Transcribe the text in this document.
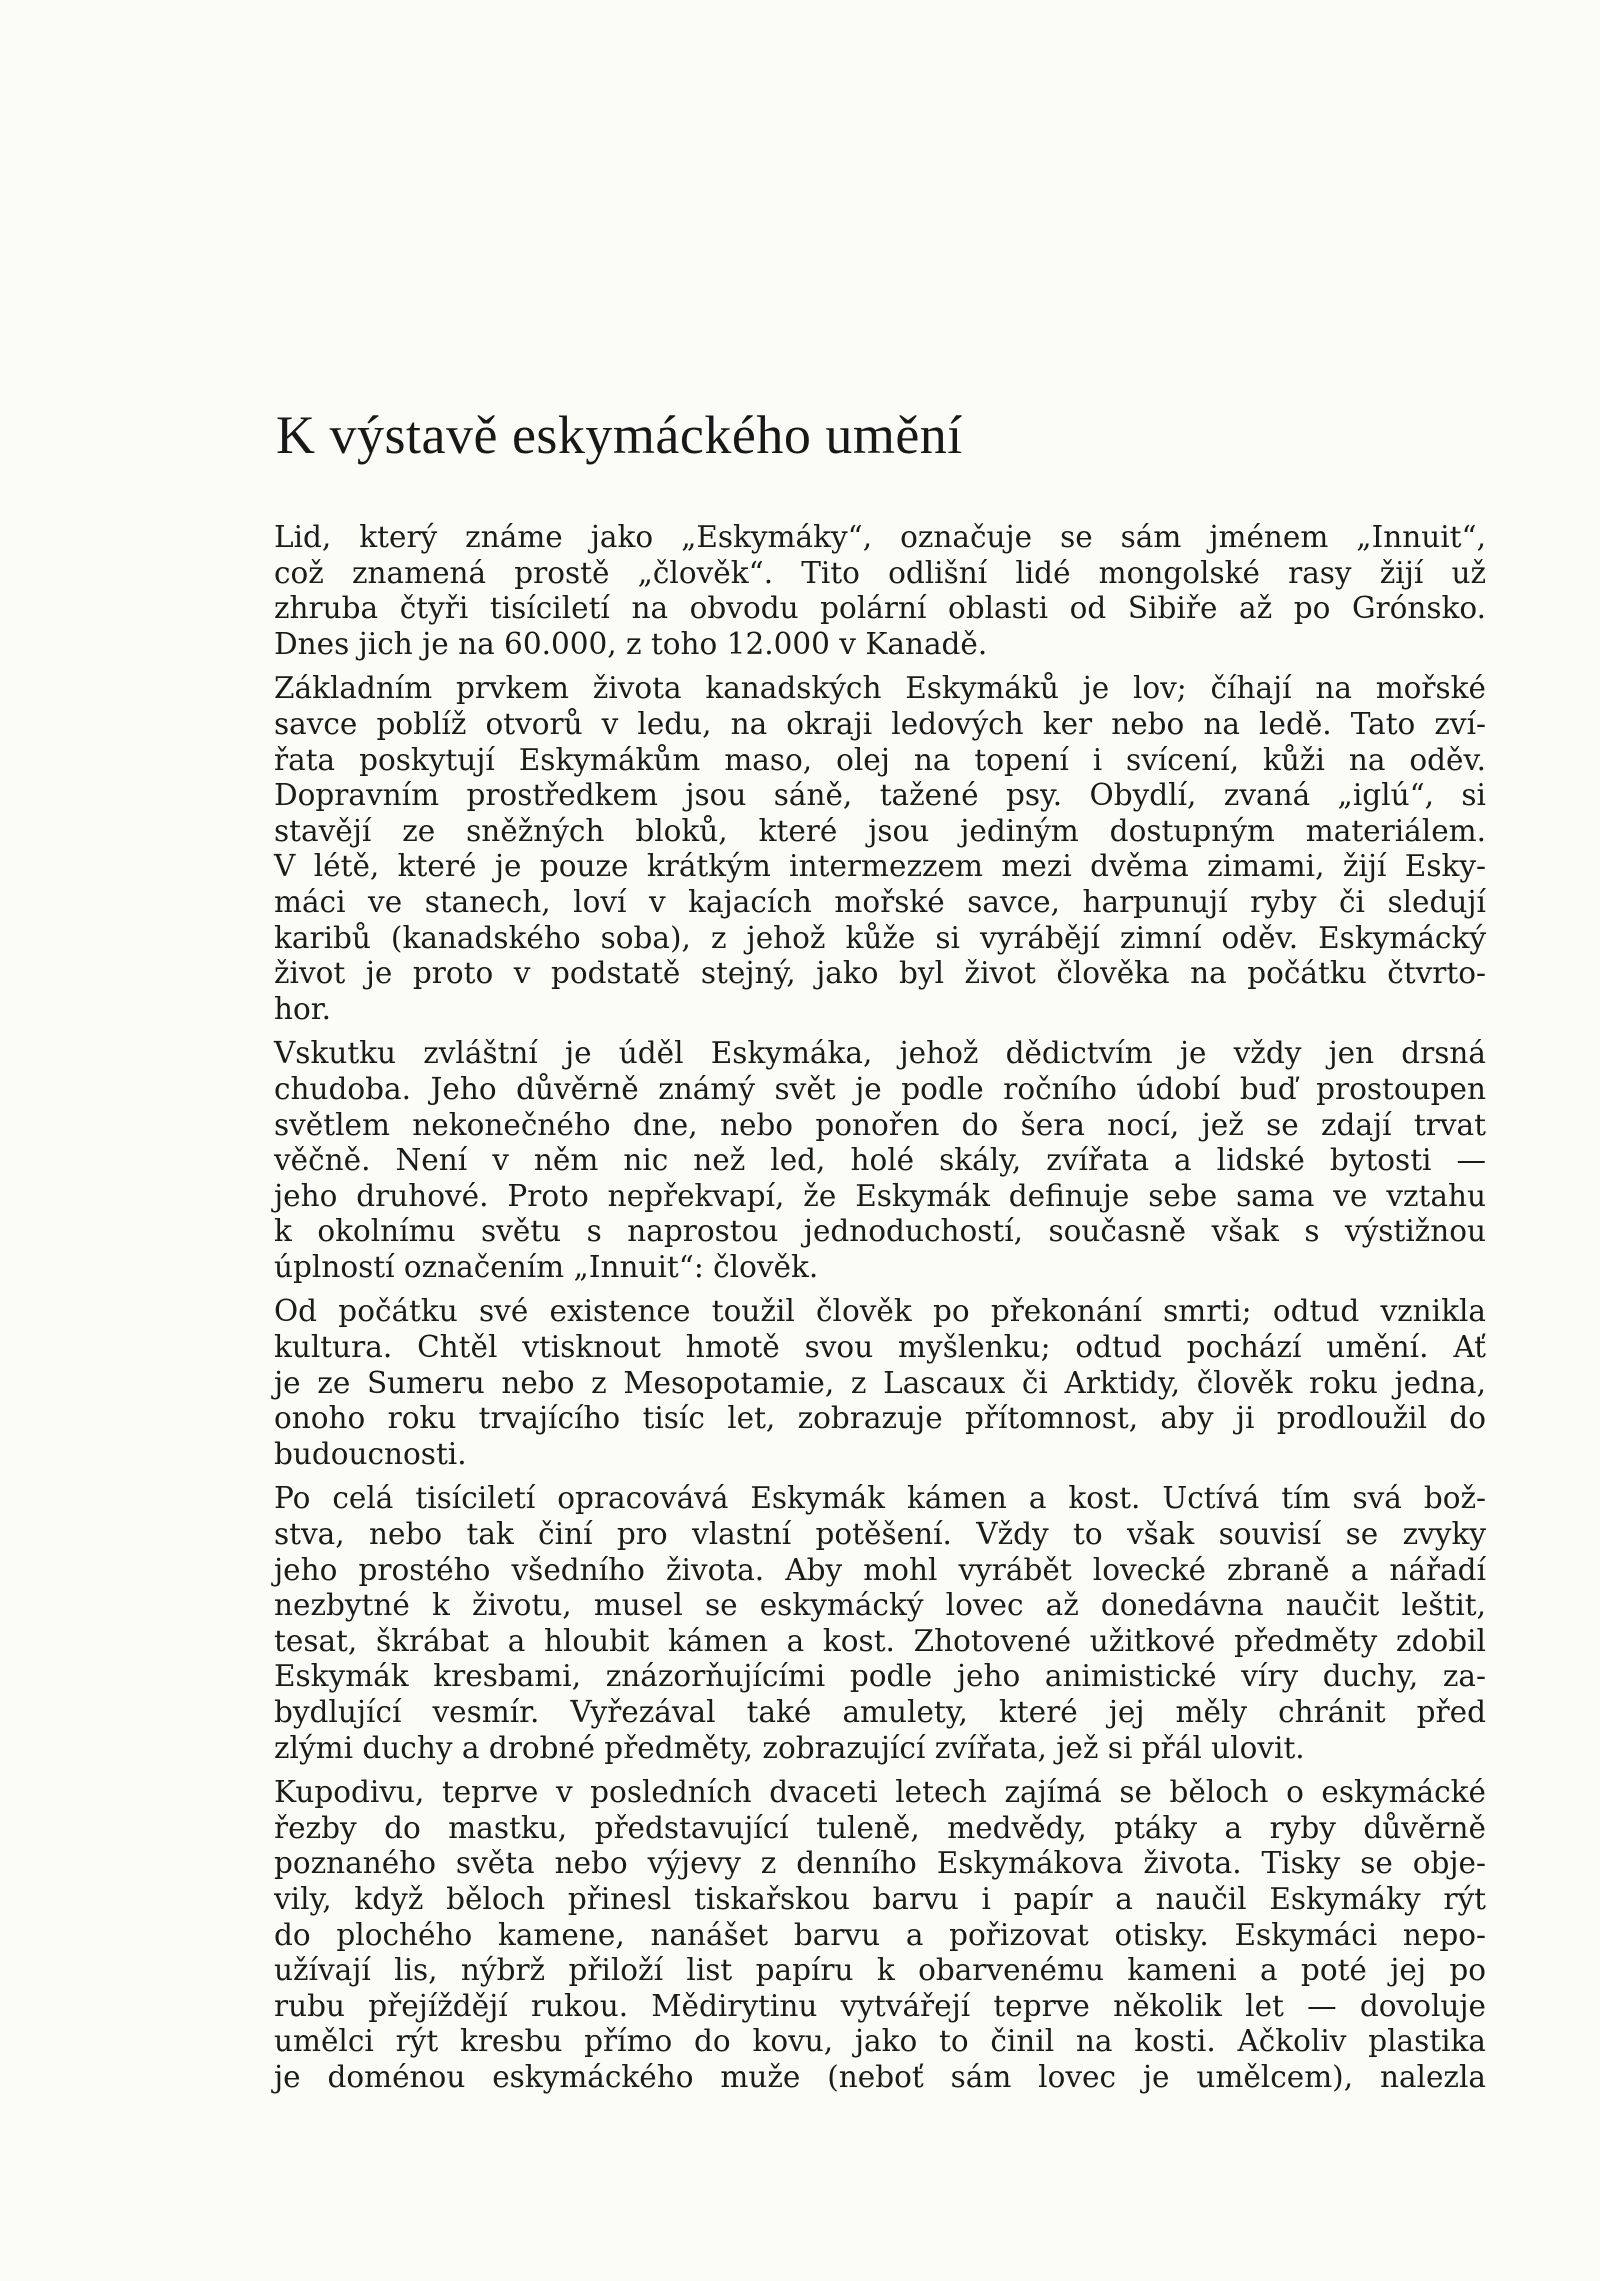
K výstavě eskymáckého umění
Lid, který známe jako „Eskymáky“, označuje se sám jménem „Innuit“,
což znamená prostě „člověk“. Tito odlišní lidé mongolské rasy žijí už
zhruba čtyři tisíciletí na obvodu polární oblasti od Sibiře až po Grónsko.
Dnes jich je na 60.000, z toho 12.000 v Kanadě.
Základním prvkem života kanadských Eskymáků je lov; číhají na mořské
savce poblíž otvorů v ledu, na okraji ledových ker nebo na ledě. Tato zví-
řata poskytují Eskymákům maso, olej na topení i svícení, kůži na oděv.
Dopravním prostředkem jsou sáně, tažené psy. Obydlí, zvaná „iglú“, si
stavějí ze sněžných bloků, které jsou jediným dostupným materiálem.
V létě, které je pouze krátkým intermezzem mezi dvěma zimami, žijí Esky-
máci ve stanech, loví v kajacích mořské savce, harpunují ryby či sledují
karibů (kanadského soba), z jehož kůže si vyrábějí zimní oděv. Eskymácký
život je proto v podstatě stejný, jako byl život člověka na počátku čtvrto-
hor.
Vskutku zvláštní je úděl Eskymáka, jehož dědictvím je vždy jen drsná
chudoba. Jeho důvěrně známý svět je podle ročního údobí buď prostoupen
světlem nekonečného dne, nebo ponořen do šera nocí, jež se zdají trvat
věčně. Není v něm nic než led, holé skály, zvířata a lidské bytosti —
jeho druhové. Proto nepřekvapí, že Eskymák definuje sebe sama ve vztahu
k okolnímu světu s naprostou jednoduchostí, současně však s výstižnou
úplností označením „Innuit“: člověk.
Od počátku své existence toužil člověk po překonání smrti; odtud vznikla
kultura. Chtěl vtisknout hmotě svou myšlenku; odtud pochází umění. Ať
je ze Sumeru nebo z Mesopotamie, z Lascaux či Arktidy, člověk roku jedna,
onoho roku trvajícího tisíc let, zobrazuje přítomnost, aby ji prodloužil do
budoucnosti.
Po celá tisíciletí opracovává Eskymák kámen a kost. Uctívá tím svá bož-
stva, nebo tak činí pro vlastní potěšení. Vždy to však souvisí se zvyky
jeho prostého všedního života. Aby mohl vyrábět lovecké zbraně a nářadí
nezbytné k životu, musel se eskymácký lovec až donedávna naučit leštit,
tesat, škrábat a hloubit kámen a kost. Zhotovené užitkové předměty zdobil
Eskymák kresbami, znázorňujícími podle jeho animistické víry duchy, za-
bydlující vesmír. Vyřezával také amulety, které jej měly chránit před
zlými duchy a drobné předměty, zobrazující zvířata, jež si přál ulovit.
Kupodivu, teprve v posledních dvaceti letech zajímá se běloch o eskymácké
řezby do mastku, představující tuleně, medvědy, ptáky a ryby důvěrně
poznaného světa nebo výjevy z denního Eskymákova života. Tisky se obje-
vily, když běloch přinesl tiskařskou barvu i papír a naučil Eskymáky rýt
do plochého kamene, nanášet barvu a pořizovat otisky. Eskymáci nepo-
užívají lis, nýbrž přiloží list papíru k obarvenému kameni a poté jej po
rubu přejíždějí rukou. Mědirytinu vytvářejí teprve několik let — dovoluje
umělci rýt kresbu přímo do kovu, jako to činil na kosti. Ačkoliv plastika
je doménou eskymáckého muže (neboť sám lovec je umělcem), nalezla
